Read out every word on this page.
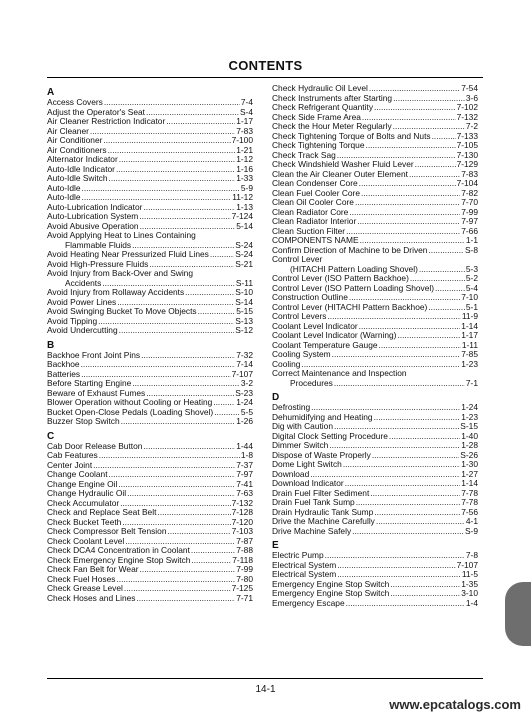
CONTENTS
A
Access Covers .....	7-4
Adjust the Operator's Seat .....	S-4
Air Cleaner Restriction Indicator .....	1-17
Air Cleaner .....	7-83
Air Conditioner .....	7-100
Air Conditioners .....	1-21
Alternator Indicator .....	1-12
Auto-Idle Indicator .....	1-16
Auto-Idle Switch .....	1-33
Auto-Idle .....	5-9
Auto-Idle .....	11-12
Auto-Lubrication Indicator .....	1-13
Auto-Lubrication System .....	7-124
Avoid Abusive Operation .....	5-14
Avoid Applying Heat to Lines Containing
Flammable Fluids .....	S-24
Avoid Heating Near Pressurized Fluid Lines .....	S-24
Avoid High-Pressure Fluids .....	S-21
Avoid Injury from Back-Over and Swing
Accidents .....	S-11
Avoid Injury from Rollaway Accidents .....	S-10
Avoid Power Lines .....	S-14
Avoid Swinging Bucket To Move Objects .....	5-15
Avoid Tipping .....	S-13
Avoid Undercutting .....	S-12
B
Backhoe Front Joint Pins .....	7-32
Backhoe .....	7-14
Batteries .....	7-107
Before Starting Engine .....	3-2
Beware of Exhaust Fumes .....	S-23
Blower Operation without Cooling or Heating .....	1-24
Bucket Open-Close Pedals (Loading Shovel) .....	5-5
Buzzer Stop Switch .....	1-26
C
Cab Door Release Button .....	1-44
Cab Features .....	1-8
Center Joint .....	7-37
Change Coolant .....	7-97
Change Engine Oil .....	7-41
Change Hydraulic Oil .....	7-63
Check Accumulator .....	7-132
Check and Replace Seat Belt .....	7-128
Check Bucket Teeth .....	7-120
Check Compressor Belt Tension .....	7-103
Check Coolant Level .....	7-87
Check DCA4 Concentration in Coolant .....	7-88
Check Emergency Engine Stop Switch .....	7-118
Check Fan Belt for Wear .....	7-99
Check Fuel Hoses .....	7-80
Check Grease Level .....	7-125
Check Hoses and Lines .....	7-71
Check Hydraulic Oil Level .....	7-54
Check Instruments after Starting .....	3-6
Check Refrigerant Quantity .....	7-102
Check Side Frame Area .....	7-132
Check the Hour Meter Regularly .....	7-2
Check Tightening Torque of Bolts and Nuts .....	7-133
Check Tightening Torque .....	7-105
Check Track Sag .....	7-130
Check Windshield Washer Fluid Lever .....	7-129
Clean the Air Cleaner Outer Element .....	7-83
Clean Condenser Core .....	7-104
Clean Fuel Cooler Core .....	7-82
Clean Oil Cooler Core .....	7-70
Clean Radiator Core .....	7-99
Clean Radiator Interior .....	7-97
Clean Suction Filter .....	7-66
COMPONENTS NAME .....	1-1
Confirm Direction of Machine to be Driven .....	S-8
Control Lever
(HITACHI Pattern Loading Shovel) .....	5-3
Control Lever (ISO Pattern Backhoe) .....	5-2
Control Lever (ISO Pattern Loading Shovel) .....	5-4
Construction Outline .....	7-10
Control Lever (HITACHI Pattern Backhoe) .....	5-1
Control Levers .....	11-9
Coolant Level Indicator .....	1-14
Coolant Level Indicator (Warning) .....	1-17
Coolant Temperature Gauge .....	1-11
Cooling System .....	7-85
Cooling .....	1-23
Correct Maintenance and Inspection
Procedures .....	7-1
D
Defrosting .....	1-24
Dehumidifying and Heating .....	1-23
Dig with Caution .....	S-15
Digital Clock Setting Procedure .....	1-40
Dimmer Switch .....	1-28
Dispose of Waste Properly .....	S-26
Dome Light Switch .....	1-30
Download .....	1-27
Download Indicator .....	1-14
Drain Fuel Filter Sediment .....	7-78
Drain Fuel Tank Sump .....	7-78
Drain Hydraulic Tank Sump .....	7-56
Drive the Machine Carefully .....	4-1
Drive Machine Safely .....	S-9
E
Electric Pump .....	7-8
Electrical System .....	7-107
Electrical System .....	11-5
Emergency Engine Stop Switch .....	1-35
Emergency Engine Stop Switch .....	3-10
Emergency Escape .....	1-4
14-1
www.epcatalogs.com
